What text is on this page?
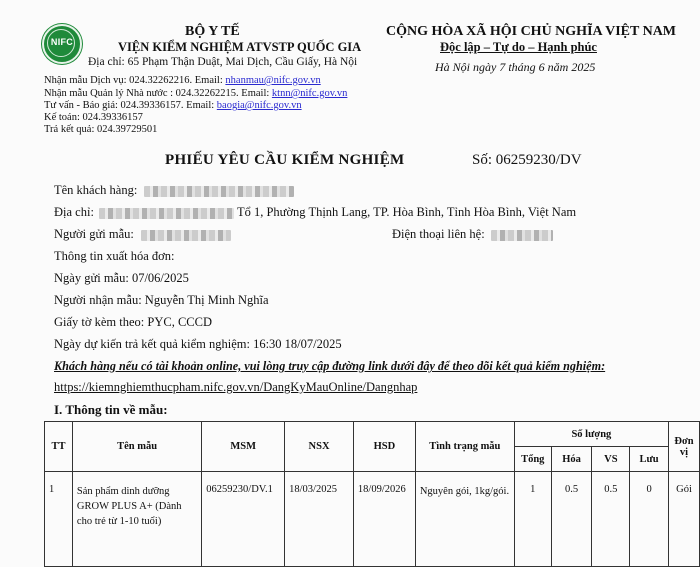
NIFC
BỘ Y TẾ
VIỆN KIỂM NGHIỆM ATVSTP QUỐC GIA
Địa chỉ: 65 Phạm Thận Duật, Mai Dịch, Cầu Giấy, Hà Nội
CỘNG HÒA XÃ HỘI CHỦ NGHĨA VIỆT NAM
Độc lập – Tự do – Hạnh phúc
Hà Nội ngày 7 tháng 6 năm 2025
Nhận mẫu Dịch vụ: 024.32262216. Email: nhanmau@nifc.gov.vn
Nhận mẫu Quản lý Nhà nước : 024.32262215. Email: ktnn@nifc.gov.vn
Tư vấn - Báo giá: 024.39336157. Email: baogia@nifc.gov.vn
Kế toán: 024.39336157
Trả kết quả: 024.39729501
PHIẾU YÊU CẦU KIỂM NGHIỆM	Số: 06259230/DV
Tên khách hàng:
Địa chỉ:	Tổ 1, Phường Thịnh Lang, TP. Hòa Bình, Tỉnh Hòa Bình, Việt Nam
Người gửi mẫu:	Điện thoại liên hệ:
Thông tin xuất hóa đơn:
Ngày gửi mẫu: 07/06/2025
Người nhận mẫu: Nguyễn Thị Minh Nghĩa
Giấy tờ kèm theo: PYC, CCCD
Ngày dự kiến trả kết quả kiểm nghiệm: 16:30 18/07/2025
Khách hàng nếu có tài khoản online, vui lòng truy cập đường link dưới đây để theo dõi kết quả kiểm nghiệm:
https://kiemnghiemthucpham.nifc.gov.vn/DangKyMauOnline/Dangnhap
I. Thông tin về mẫu:
TT	Tên mẫu	MSM	NSX	HSD	Tình trạng mẫu	Số lượng				Đơn vị
						Tổng	Hóa	VS	Lưu	
1	Sản phẩm dinh dưỡng GROW PLUS A+ (Dành cho trẻ từ 1-10 tuổi)	06259230/DV.1	18/03/2025	18/09/2026	Nguyên gói, 1kg/gói.	1	0.5	0.5	0	Gói
